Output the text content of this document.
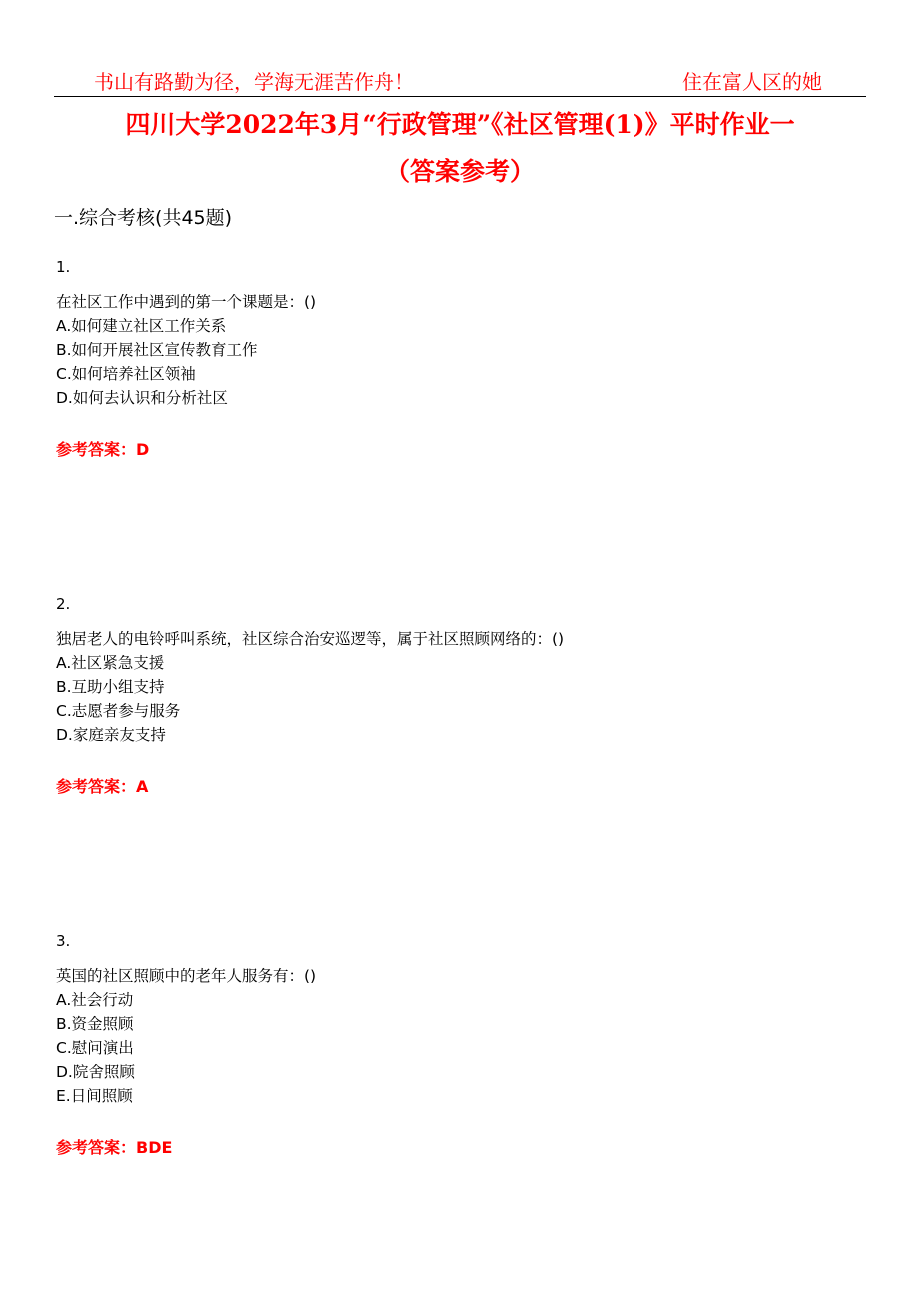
书山有路勤为径，学海无涯苦作舟！	住在富人区的她
四川大学2022年3月“行政管理”《社区管理(1)》平时作业一
（答案参考）
一.综合考核(共45题)
1.
在社区工作中遇到的第一个课题是：()
A.如何建立社区工作关系
B.如何开展社区宣传教育工作
C.如何培养社区领袖
D.如何去认识和分析社区
参考答案：D
2.
独居老人的电铃呼叫系统，社区综合治安巡逻等，属于社区照顾网络的：()
A.社区紧急支援
B.互助小组支持
C.志愿者参与服务
D.家庭亲友支持
参考答案：A
3.
英国的社区照顾中的老年人服务有：()
A.社会行动
B.资金照顾
C.慰问演出
D.院舍照顾
E.日间照顾
参考答案：BDE
